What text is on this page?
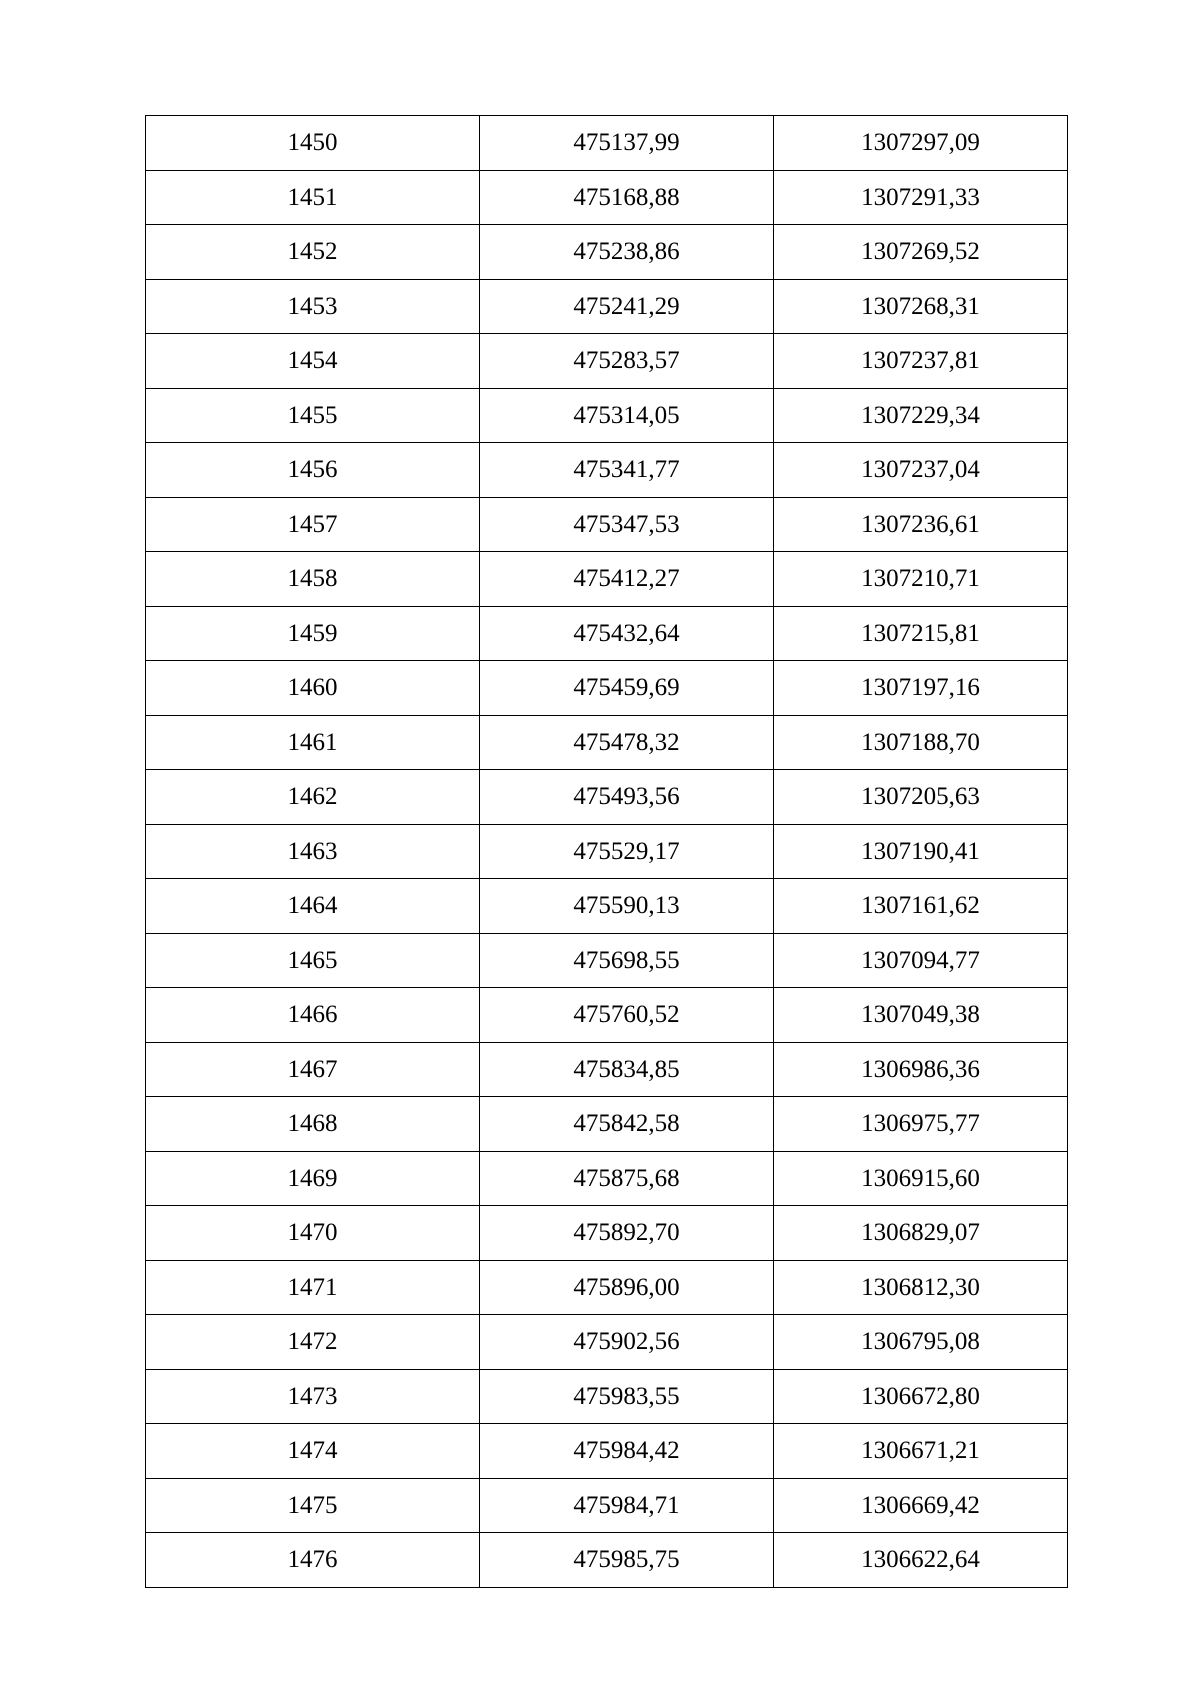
1450	475137,99	1307297,09
1451	475168,88	1307291,33
1452	475238,86	1307269,52
1453	475241,29	1307268,31
1454	475283,57	1307237,81
1455	475314,05	1307229,34
1456	475341,77	1307237,04
1457	475347,53	1307236,61
1458	475412,27	1307210,71
1459	475432,64	1307215,81
1460	475459,69	1307197,16
1461	475478,32	1307188,70
1462	475493,56	1307205,63
1463	475529,17	1307190,41
1464	475590,13	1307161,62
1465	475698,55	1307094,77
1466	475760,52	1307049,38
1467	475834,85	1306986,36
1468	475842,58	1306975,77
1469	475875,68	1306915,60
1470	475892,70	1306829,07
1471	475896,00	1306812,30
1472	475902,56	1306795,08
1473	475983,55	1306672,80
1474	475984,42	1306671,21
1475	475984,71	1306669,42
1476	475985,75	1306622,64
